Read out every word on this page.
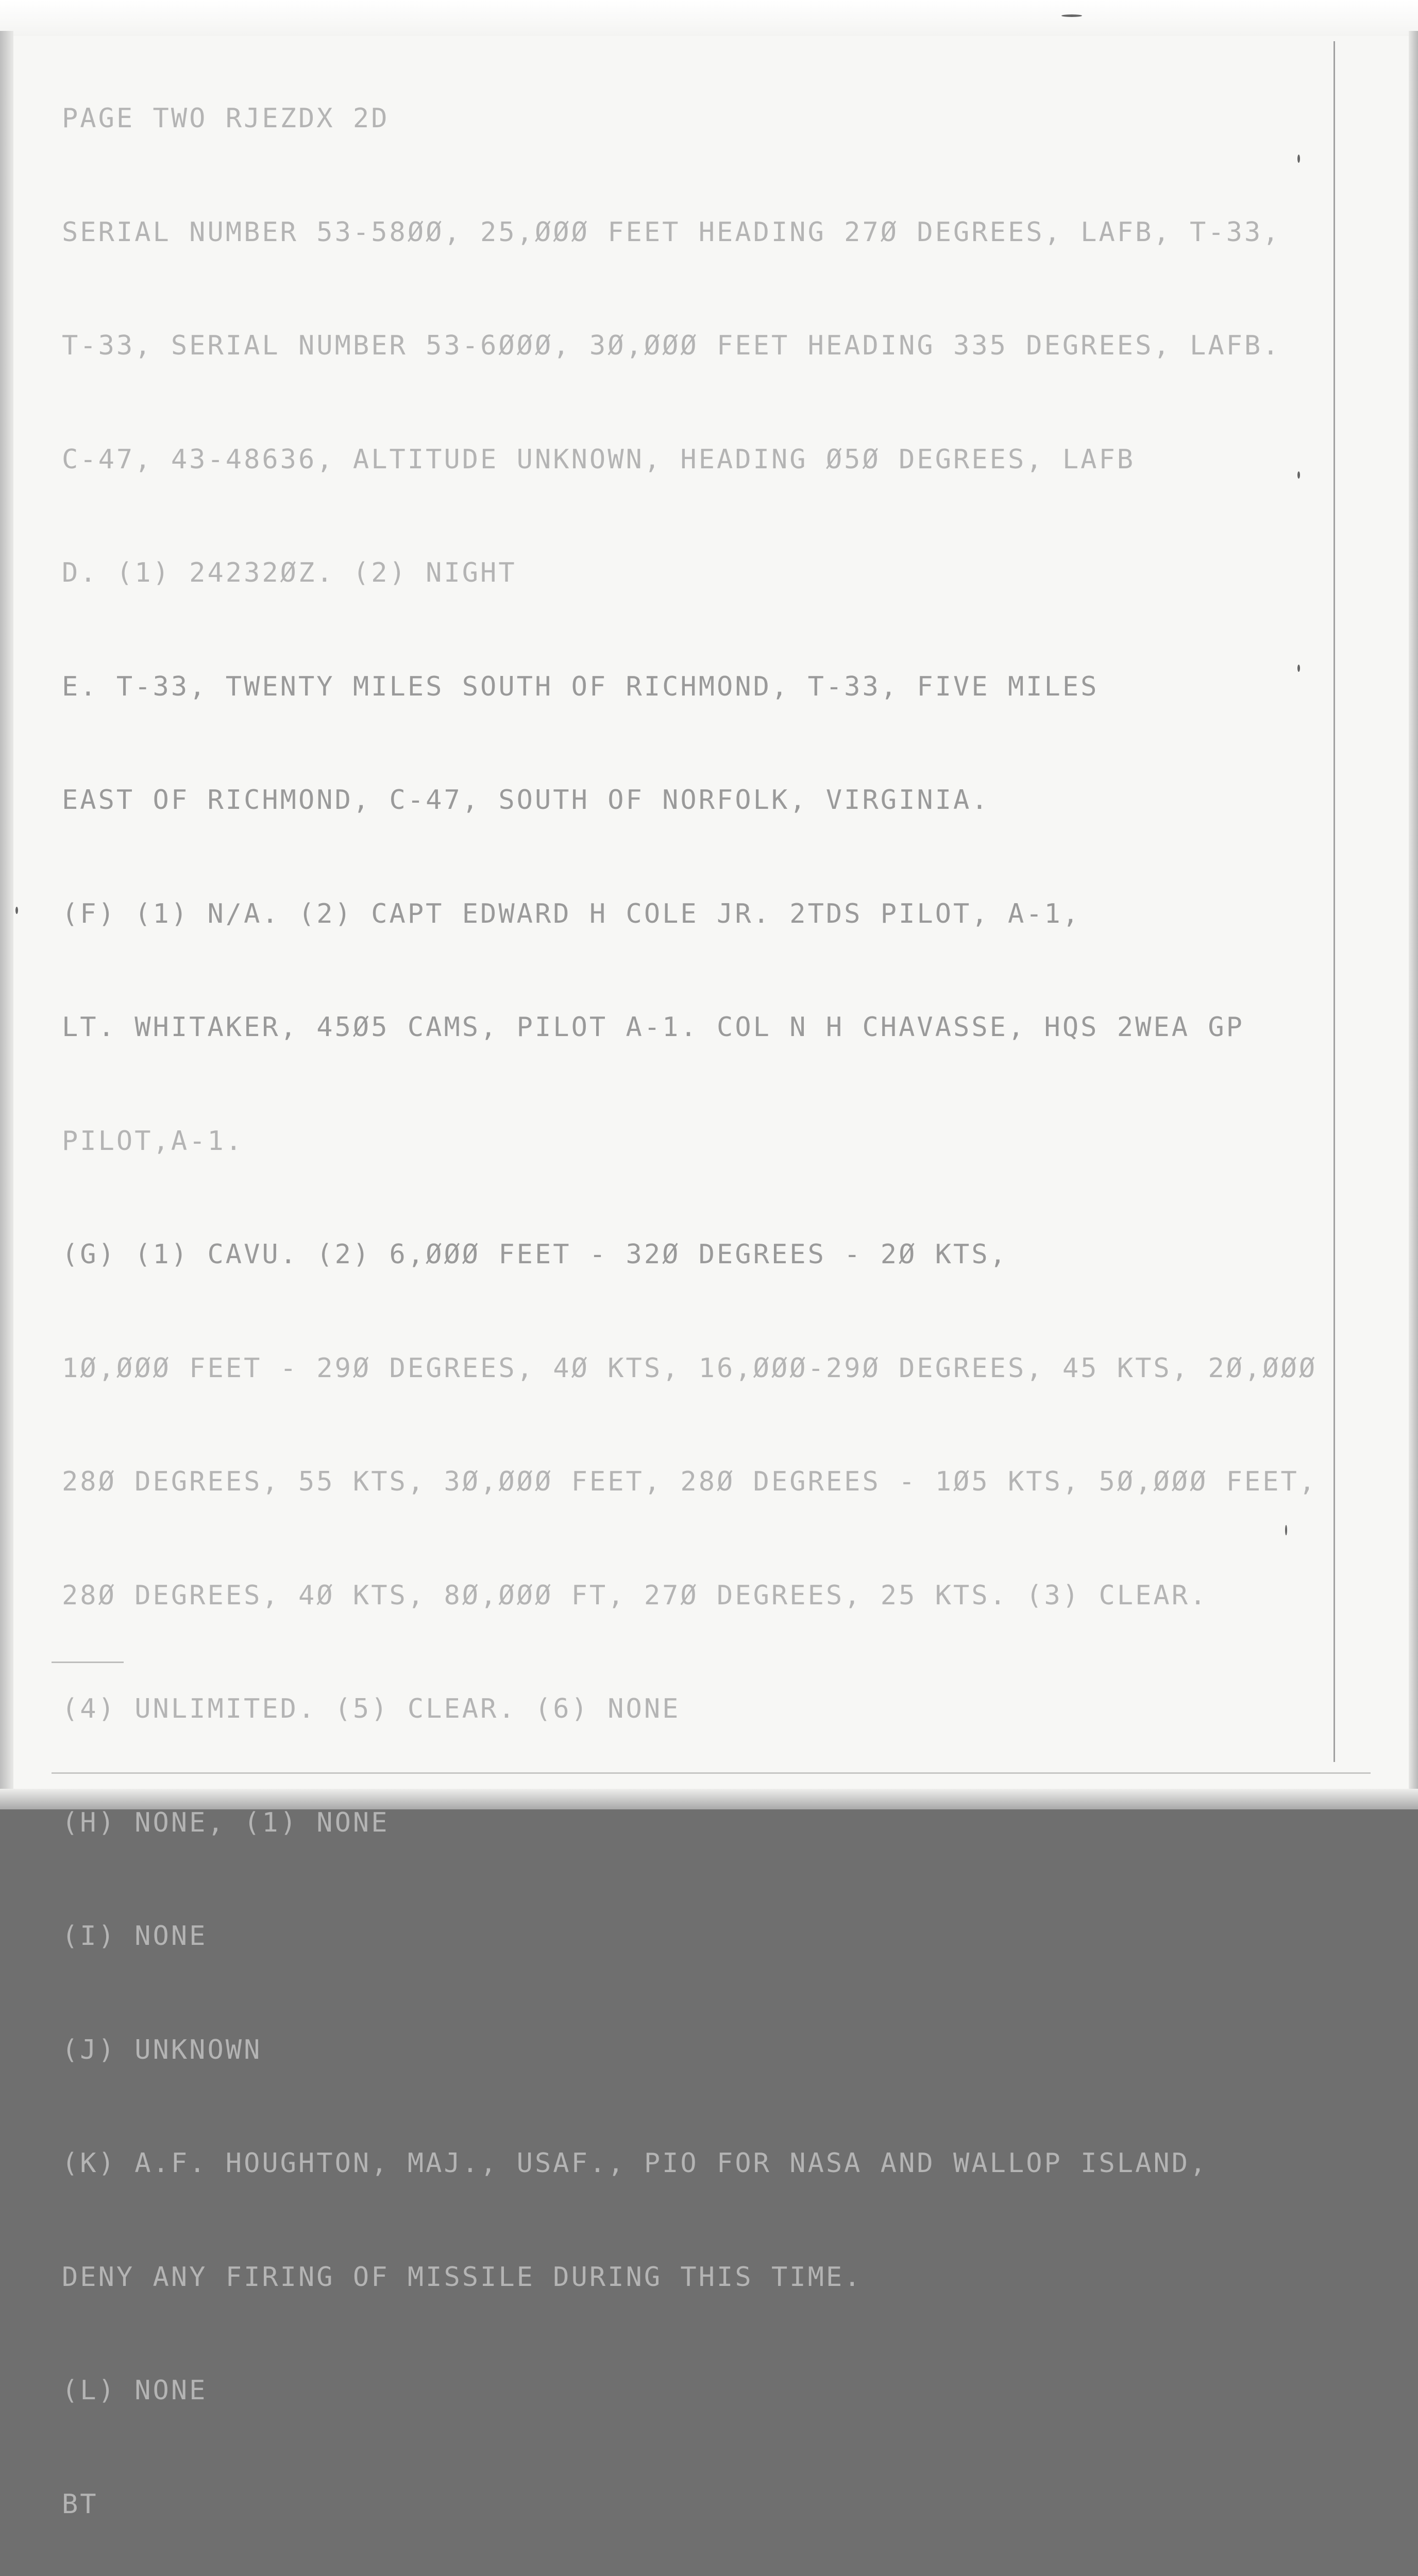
PAGE TWO RJEZDX 2D

SERIAL NUMBER 53-58ØØ, 25,ØØØ FEET HEADING 27Ø DEGREES, LAFB, T-33,

T-33, SERIAL NUMBER 53-6ØØØ, 3Ø,ØØØ FEET HEADING 335 DEGREES, LAFB.

C-47, 43-48636, ALTITUDE UNKNOWN, HEADING Ø5Ø DEGREES, LAFB

D. (1) 24232ØZ. (2) NIGHT

E. T-33, TWENTY MILES SOUTH OF RICHMOND, T-33, FIVE MILES

EAST OF RICHMOND, C-47, SOUTH OF NORFOLK, VIRGINIA.

(F) (1) N/A. (2) CAPT EDWARD H COLE JR. 2TDS PILOT, A-1,

LT. WHITAKER, 45Ø5 CAMS, PILOT A-1. COL N H CHAVASSE, HQS 2WEA GP

PILOT,A-1.

(G) (1) CAVU. (2) 6,ØØØ FEET - 32Ø DEGREES - 2Ø KTS,

1Ø,ØØØ FEET - 29Ø DEGREES, 4Ø KTS, 16,ØØØ-29Ø DEGREES, 45 KTS, 2Ø,ØØØ

28Ø DEGREES, 55 KTS, 3Ø,ØØØ FEET, 28Ø DEGREES - 1Ø5 KTS, 5Ø,ØØØ FEET,

28Ø DEGREES, 4Ø KTS, 8Ø,ØØØ FT, 27Ø DEGREES, 25 KTS. (3) CLEAR.

(4) UNLIMITED. (5) CLEAR. (6) NONE

(H) NONE, (1) NONE

(I) NONE

(J) UNKNOWN

(K) A.F. HOUGHTON, MAJ., USAF., PIO FOR NASA AND WALLOP ISLAND,

DENY ANY FIRING OF MISSILE DURING THIS TIME.

(L) NONE

BT
